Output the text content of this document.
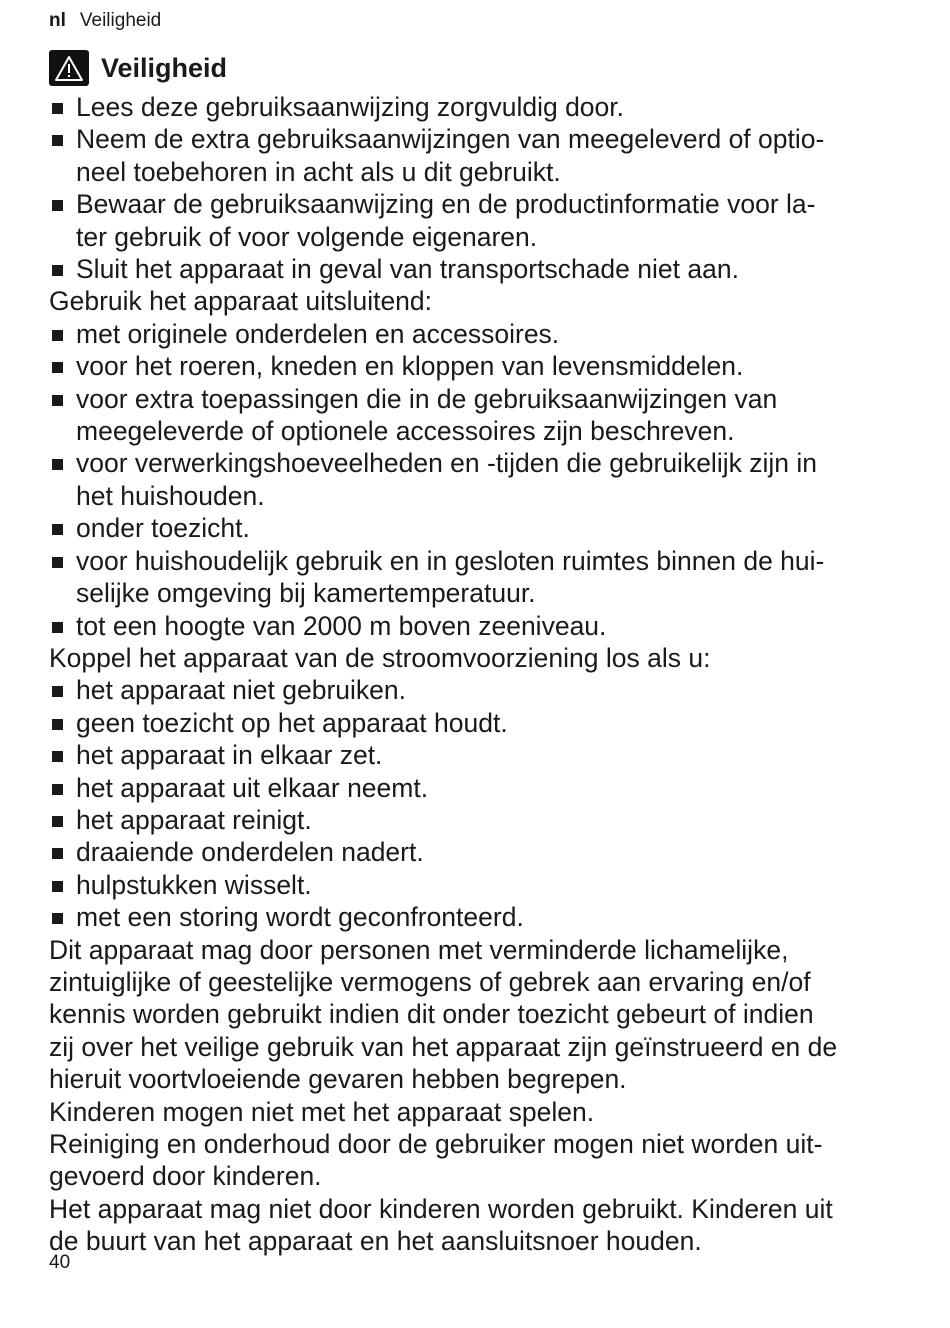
nl Veiligheid
Veiligheid
Lees deze gebruiksaanwijzing zorgvuldig door.
Neem de extra gebruiksaanwijzingen van meegeleverd of optio-
neel toebehoren in acht als u dit gebruikt.
Bewaar de gebruiksaanwijzing en de productinformatie voor la-
ter gebruik of voor volgende eigenaren.
Sluit het apparaat in geval van transportschade niet aan.

Gebruik het apparaat uitsluitend:

met originele onderdelen en accessoires.
voor het roeren, kneden en kloppen van levensmiddelen.
voor extra toepassingen die in de gebruiksaanwijzingen van
meegeleverde of optionele accessoires zijn beschreven.
voor verwerkingshoeveelheden en -tijden die gebruikelijk zijn in
het huishouden.
onder toezicht.
voor huishoudelijk gebruik en in gesloten ruimtes binnen de hui-
selijke omgeving bij kamertemperatuur.
tot een hoogte van 2000 m boven zeeniveau.

Koppel het apparaat van de stroomvoorziening los als u:

het apparaat niet gebruiken.
geen toezicht op het apparaat houdt.
het apparaat in elkaar zet.
het apparaat uit elkaar neemt.
het apparaat reinigt.
draaiende onderdelen nadert.
hulpstukken wisselt.
met een storing wordt geconfronteerd.

Dit apparaat mag door personen met verminderde lichamelijke,
zintuiglijke of geestelijke vermogens of gebrek aan ervaring en/of
kennis worden gebruikt indien dit onder toezicht gebeurt of indien
zij over het veilige gebruik van het apparaat zijn geïnstrueerd en de
hieruit voortvloeiende gevaren hebben begrepen.

Kinderen mogen niet met het apparaat spelen.

Reiniging en onderhoud door de gebruiker mogen niet worden uit-
gevoerd door kinderen.

Het apparaat mag niet door kinderen worden gebruikt. Kinderen uit
de buurt van het apparaat en het aansluitsnoer houden.

40
